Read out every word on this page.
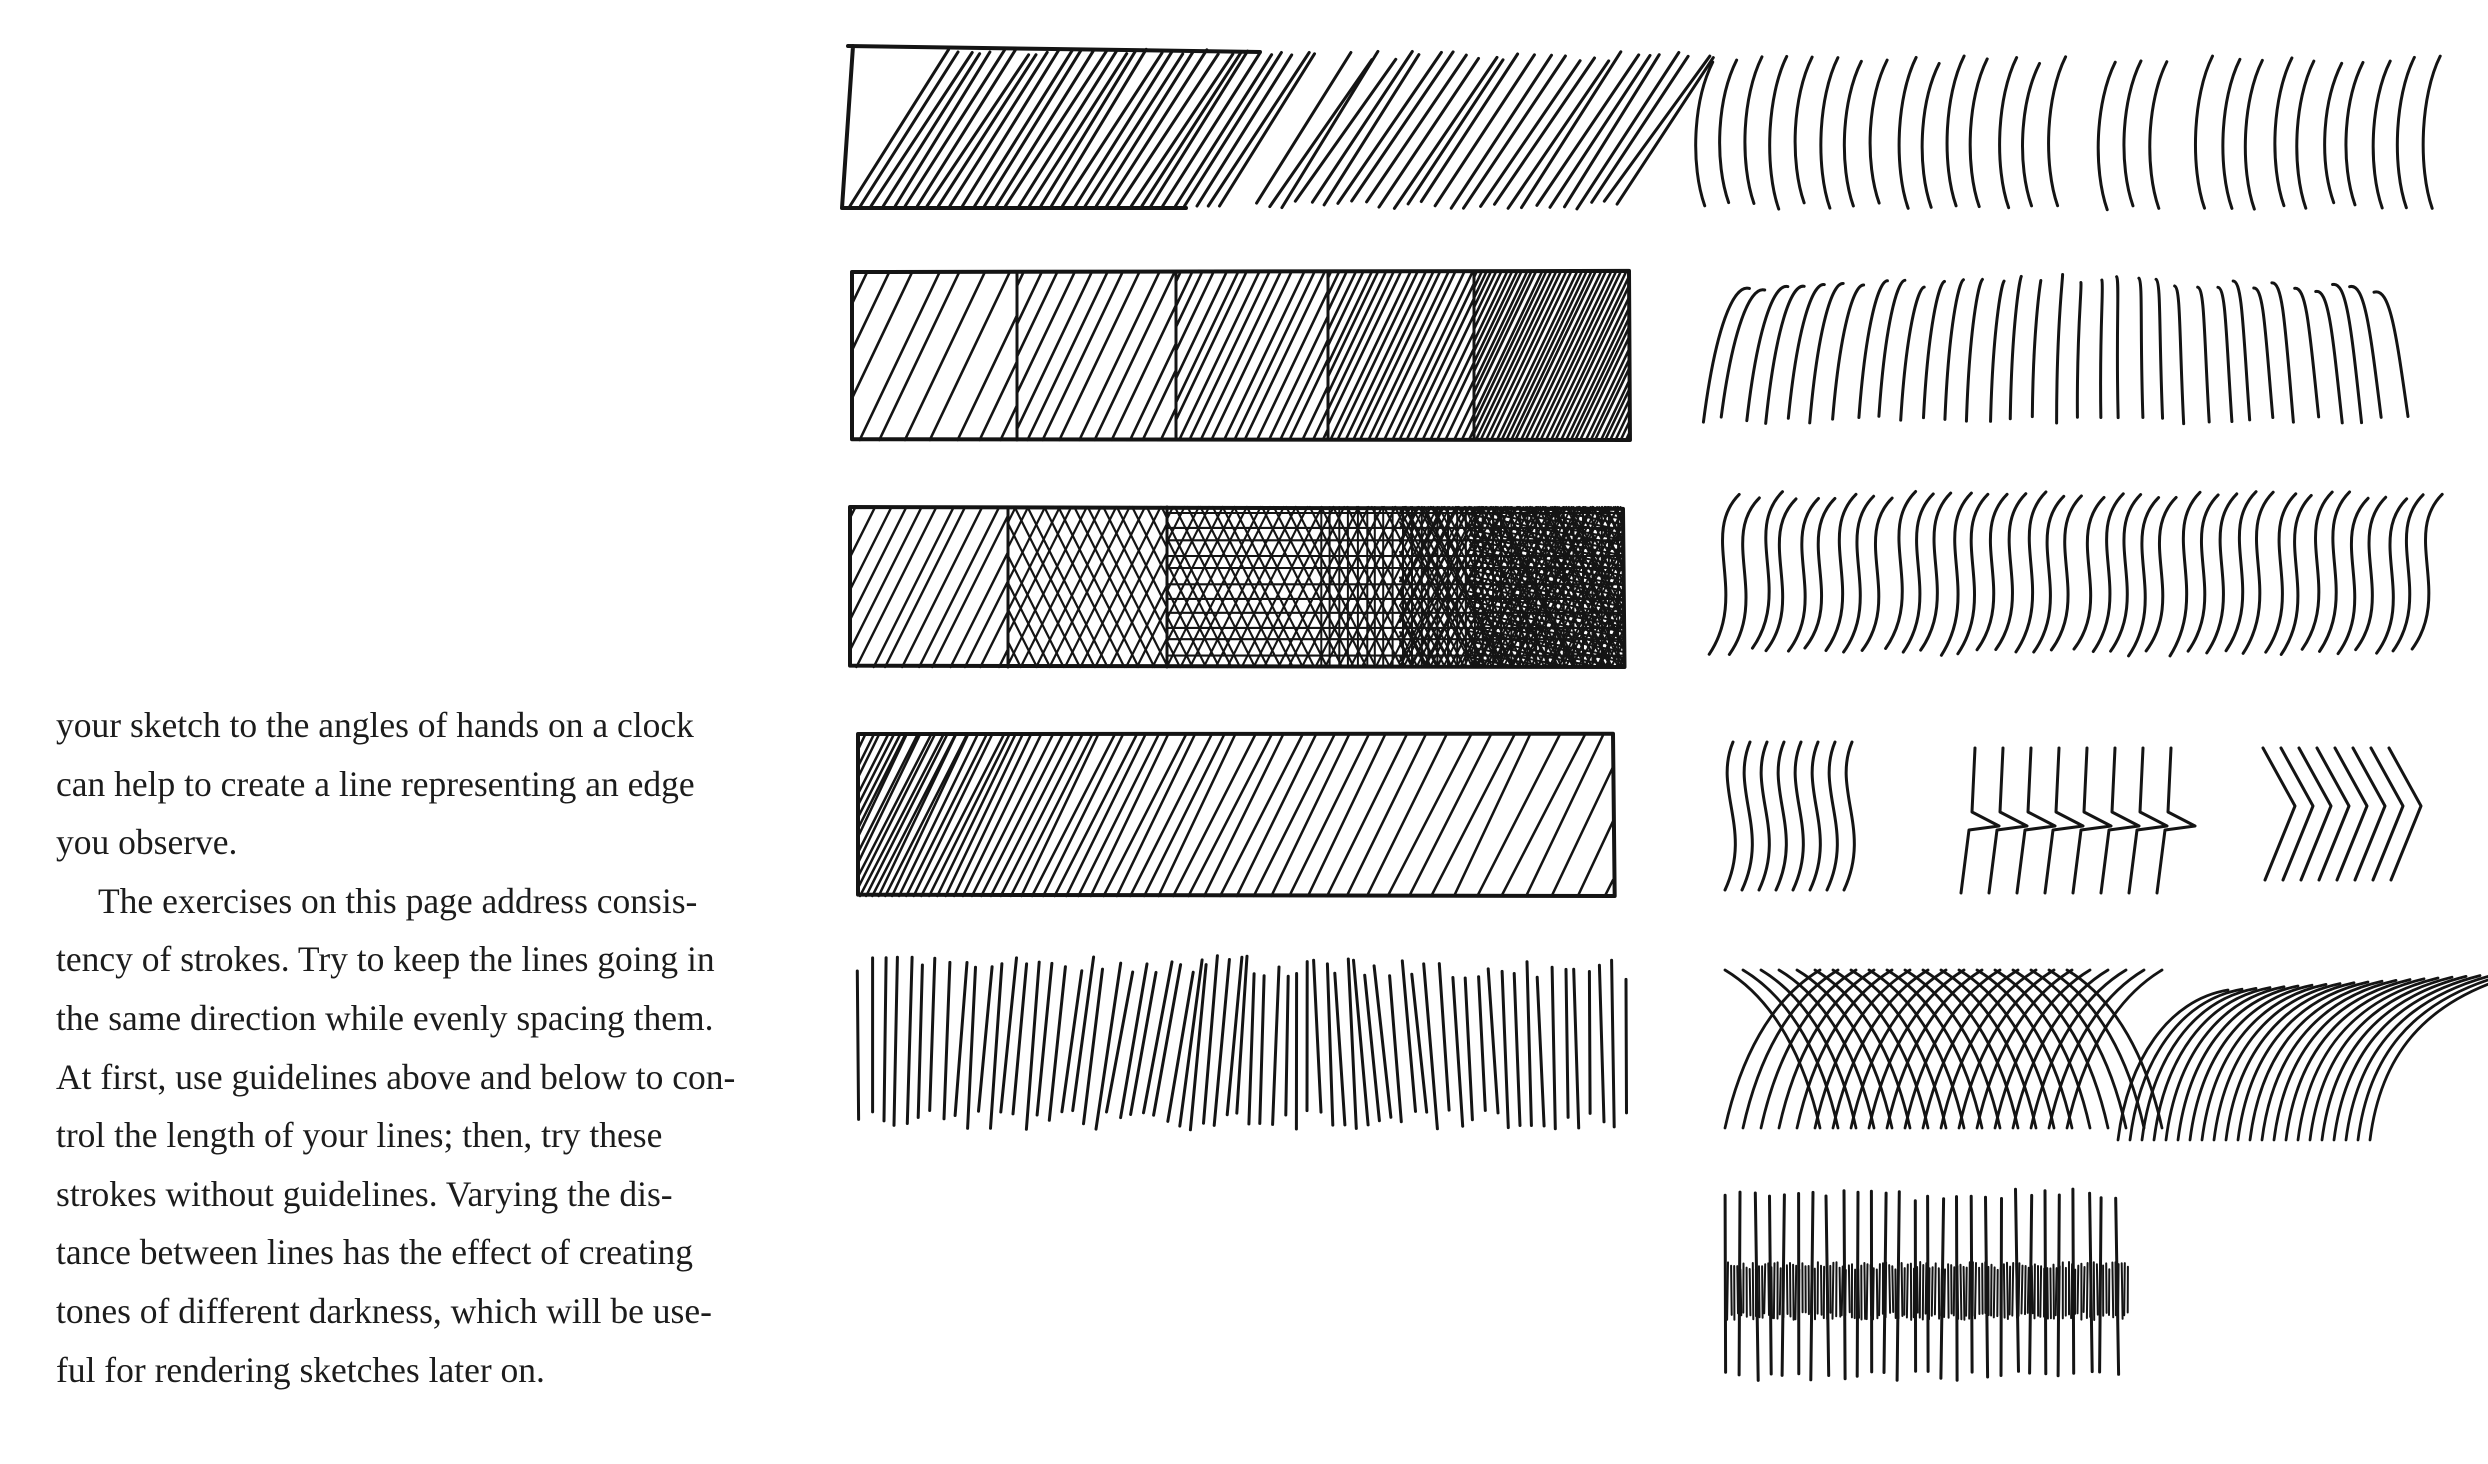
your sketch to the angles of hands on a clock
can help to create a line representing an edge
you observe.
The exercises on this page address consis-
tency of strokes. Try to keep the lines going in
the same direction while evenly spacing them.
At first, use guidelines above and below to con-
trol the length of your lines; then, try these
strokes without guidelines. Varying the dis-
tance between lines has the effect of creating
tones of different darkness, which will be use-
ful for rendering sketches later on.
